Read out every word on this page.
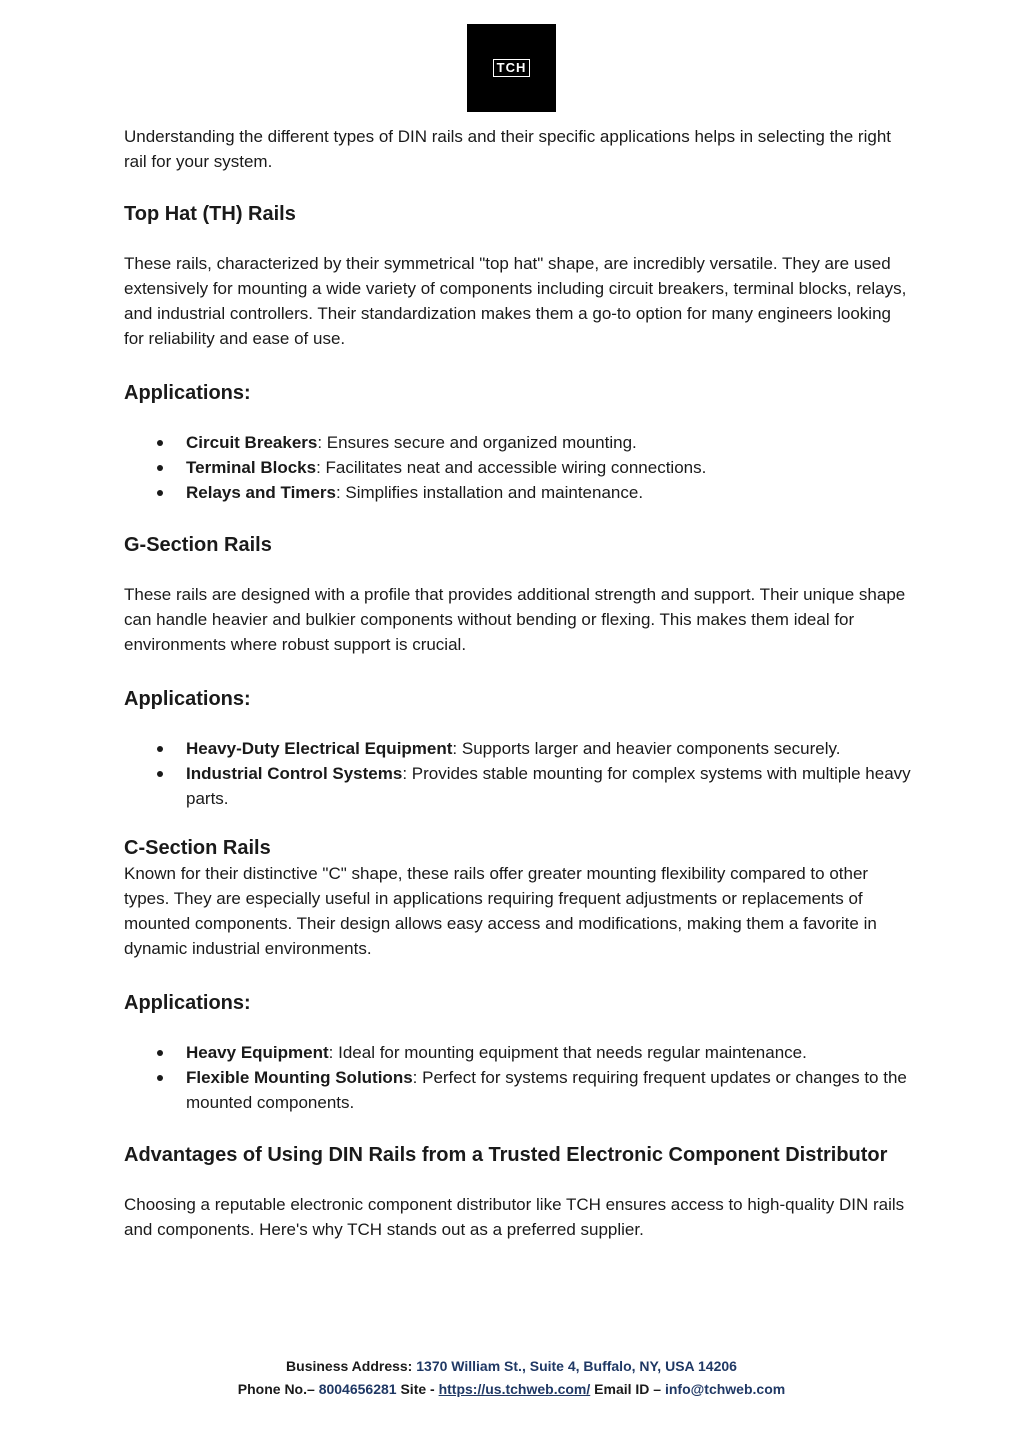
TCH

Understanding the different types of DIN rails and their specific applications helps in selecting the right rail for your system.

Top Hat (TH) Rails

These rails, characterized by their symmetrical "top hat" shape, are incredibly versatile. They are used extensively for mounting a wide variety of components including circuit breakers, terminal blocks, relays, and industrial controllers. Their standardization makes them a go-to option for many engineers looking for reliability and ease of use.

Applications:
Circuit Breakers: Ensures secure and organized mounting.
Terminal Blocks: Facilitates neat and accessible wiring connections.
Relays and Timers: Simplifies installation and maintenance.
G-Section Rails

These rails are designed with a profile that provides additional strength and support. Their unique shape can handle heavier and bulkier components without bending or flexing. This makes them ideal for environments where robust support is crucial.

Applications:
Heavy-Duty Electrical Equipment: Supports larger and heavier components securely.
Industrial Control Systems: Provides stable mounting for complex systems with multiple heavy parts.
C-Section Rails

Known for their distinctive "C" shape, these rails offer greater mounting flexibility compared to other types. They are especially useful in applications requiring frequent adjustments or replacements of mounted components. Their design allows easy access and modifications, making them a favorite in dynamic industrial environments.

Applications:
Heavy Equipment: Ideal for mounting equipment that needs regular maintenance.
Flexible Mounting Solutions: Perfect for systems requiring frequent updates or changes to the mounted components.
Advantages of Using DIN Rails from a Trusted Electronic Component Distributor

Choosing a reputable electronic component distributor like TCH ensures access to high-quality DIN rails and components. Here's why TCH stands out as a preferred supplier.

Business Address: 1370 William St., Suite 4, Buffalo, NY, USA 14206
Phone No.– 8004656281 Site - https://us.tchweb.com/ Email ID – info@tchweb.com
